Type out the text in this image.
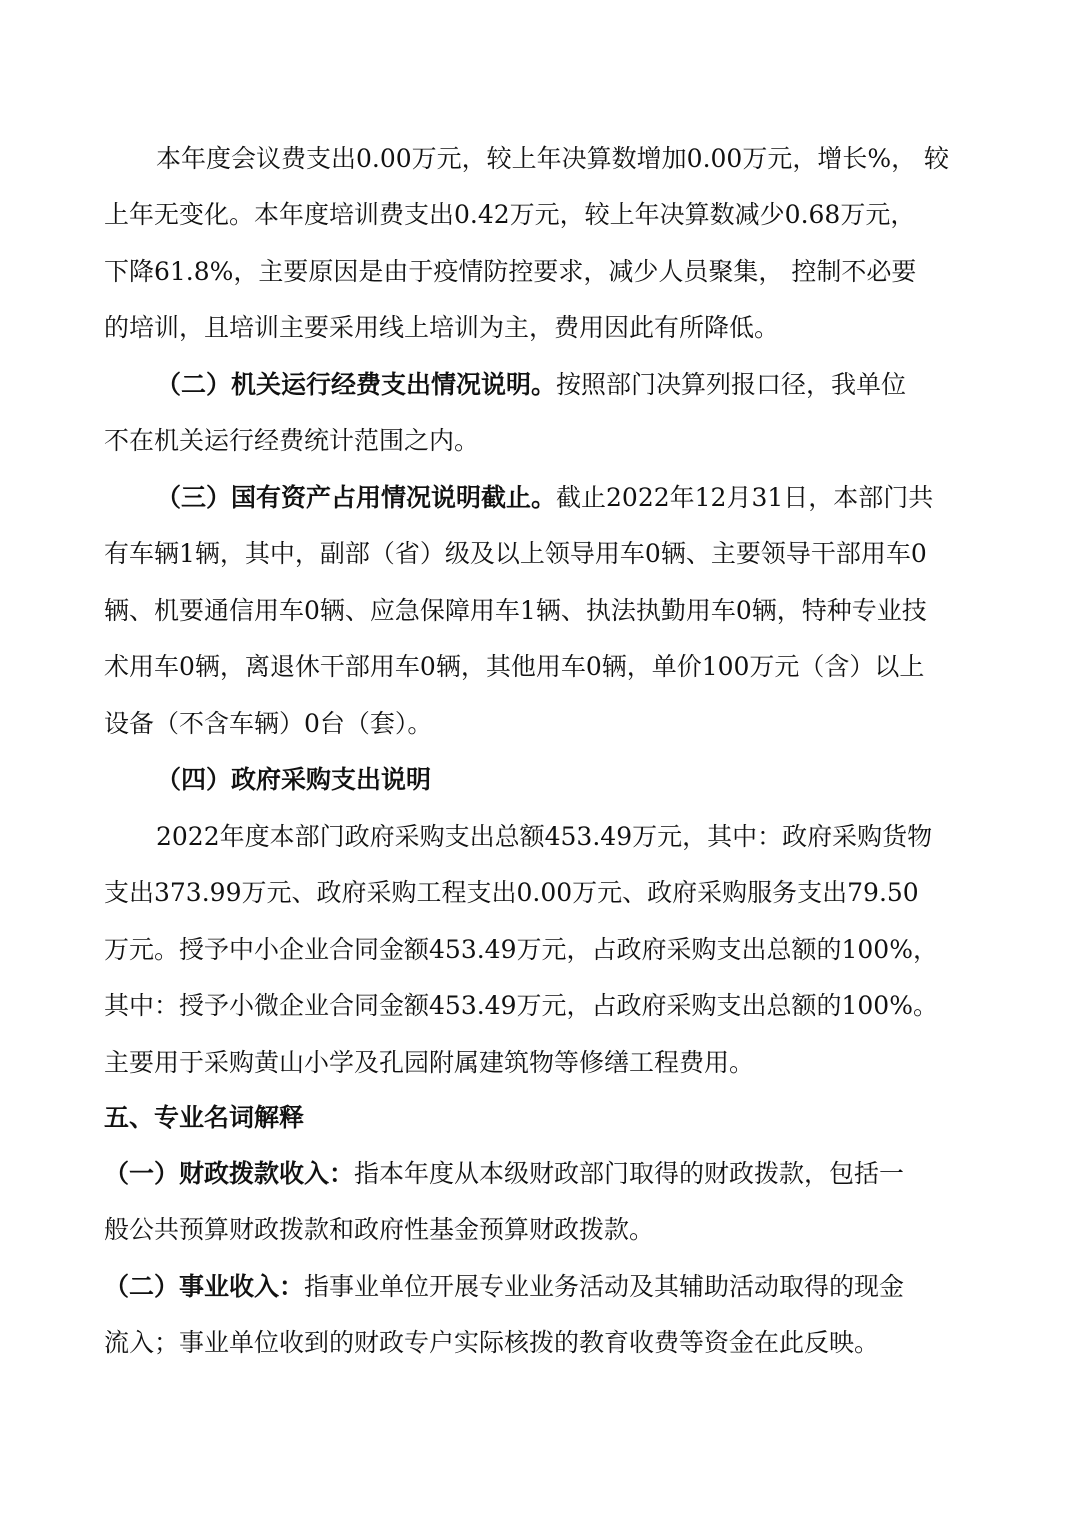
本年度会议费支出0.00万元，较上年决算数增加0.00万元，增长%， 较
上年无变化。本年度培训费支出0.42万元，较上年决算数减少0.68万元，
下降61.8%，主要原因是由于疫情防控要求，减少人员聚集， 控制不必要
的培训，且培训主要采用线上培训为主，费用因此有所降低。
（二）机关运行经费支出情况说明。按照部门决算列报口径，我单位
不在机关运行经费统计范围之内。
（三）国有资产占用情况说明截止。截止2022年12月31日，本部门共
有车辆1辆，其中，副部（省）级及以上领导用车0辆、主要领导干部用车0
辆、机要通信用车0辆、应急保障用车1辆、执法执勤用车0辆，特种专业技
术用车0辆，离退休干部用车0辆，其他用车0辆，单价100万元（含）以上
设备（不含车辆）0台（套）。
（四）政府采购支出说明
2022年度本部门政府采购支出总额453.49万元，其中：政府采购货物
支出373.99万元、政府采购工程支出0.00万元、政府采购服务支出79.50
万元。授予中小企业合同金额453.49万元，占政府采购支出总额的100%，
其中：授予小微企业合同金额453.49万元，占政府采购支出总额的100%。
主要用于采购黄山小学及孔园附属建筑物等修缮工程费用。
五、专业名词解释
（一）财政拨款收入：指本年度从本级财政部门取得的财政拨款，包括一
般公共预算财政拨款和政府性基金预算财政拨款。
（二）事业收入：指事业单位开展专业业务活动及其辅助活动取得的现金
流入；事业单位收到的财政专户实际核拨的教育收费等资金在此反映。
